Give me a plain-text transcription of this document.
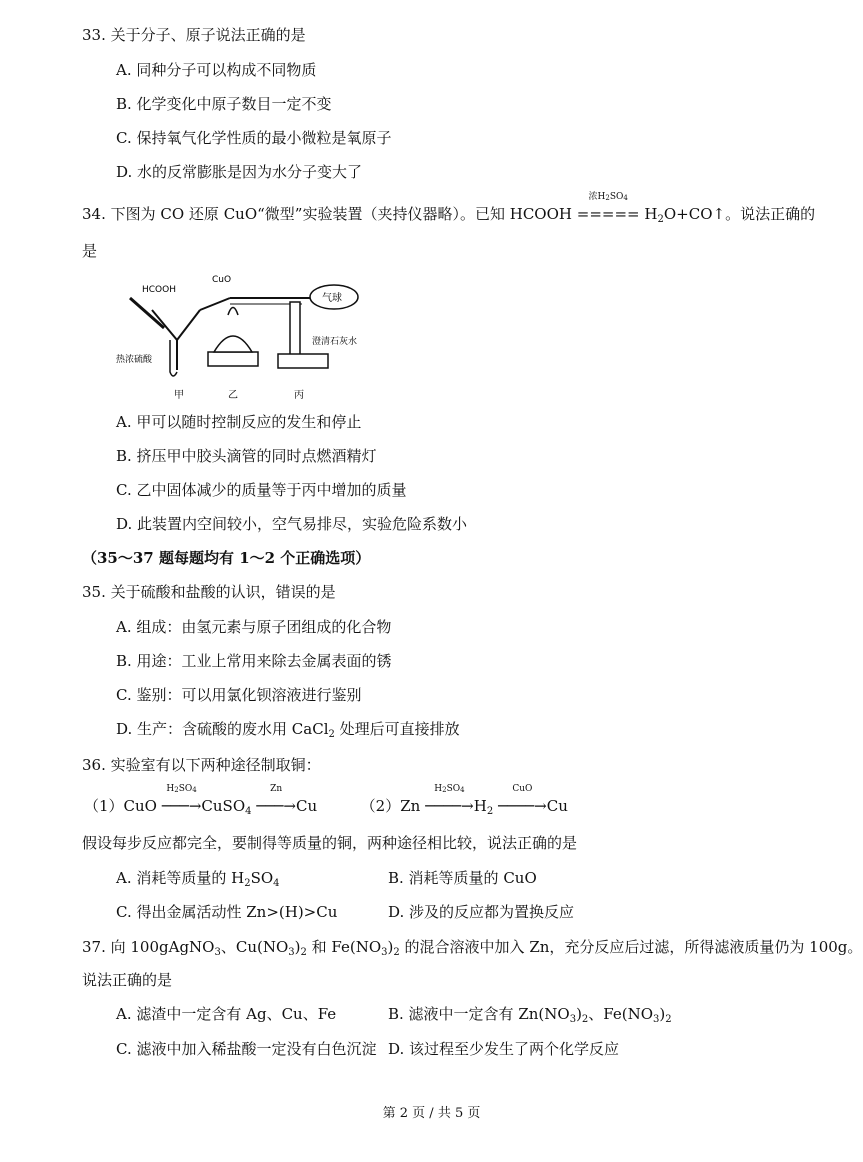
33. 关于分子、原子说法正确的是
A. 同种分子可以构成不同物质
B. 化学变化中原子数目一定不变
C. 保持氧气化学性质的最小微粒是氧原子
D. 水的反常膨胀是因为水分子变大了
34. 下图为 CO 还原 CuO“微型”实验装置（夹持仪器略）。已知 HCOOH
浓$H_2SO_4$
===== $H_2O+CO↑$。说法正确的
是
HCOOH
CuO
气球
澄清石灰水
热浓硫酸
甲	乙	丙
A. 甲可以随时控制反应的发生和停止
B. 挤压甲中胶头滴管的同时点燃酒精灯
C. 乙中固体减少的质量等于丙中增加的质量
D. 此装置内空间较小，空气易排尽，实验危险系数小
（35～37 题每题均有 1～2 个正确选项）
35. 关于硫酸和盐酸的认识，错误的是
A. 组成：由氢元素与原子团组成的化合物
B. 用途：工业上常用来除去金属表面的锈
C. 鉴别：可以用氯化钡溶液进行鉴别
D. 生产：含硫酸的废水用 CaCl$_2$ 处理后可直接排放
36. 实验室有以下两种途径制取铜：
（1）CuO
$H_2SO_4$
───→CuSO$_4$
Zn
───→Cu	（2）Zn
$H_2SO_4$
$────\to H_2$
CuO
────→Cu
假设每步反应都完全，要制得等质量的铜，两种途径相比较，说法正确的是
A. 消耗等质量的 $H_2SO_4$	B. 消耗等质量的 CuO
C. 得出金属活动性 Zn>(H)>Cu	D. 涉及的反应都为置换反应
37. 向 100gAgNO$_3$、$Cu(NO_3)_2$ 和 $Fe(NO_3)_2$ 的混合溶液中加入 Zn，充分反应后过滤，所得滤液质量仍为 100g。
说法正确的是
A. 滤渣中一定含有 Ag、Cu、Fe	B. 滤液中一定含有 $Zn(NO_3)_2$、$Fe(NO_3)_2$
C. 滤液中加入稀盐酸一定没有白色沉淀 D. 该过程至少发生了两个化学反应
第 2 页 / 共 5 页
